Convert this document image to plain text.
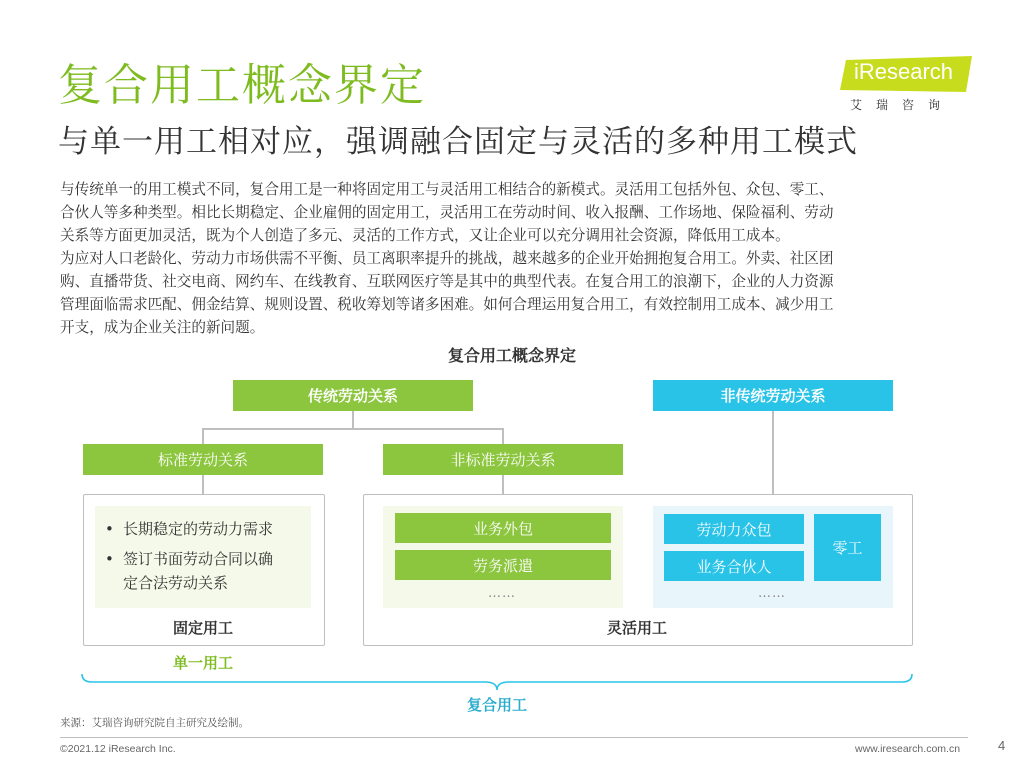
复合用工概念界定
与单一用工相对应，强调融合固定与灵活的多种用工模式
iResearch
艾瑞咨询

与传统单一的用工模式不同，复合用工是一种将固定用工与灵活用工相结合的新模式。灵活用工包括外包、众包、零工、

合伙人等多种类型。相比长期稳定、企业雇佣的固定用工，灵活用工在劳动时间、收入报酬、工作场地、保险福利、劳动

关系等方面更加灵活，既为个人创造了多元、灵活的工作方式，又让企业可以充分调用社会资源，降低用工成本。

为应对人口老龄化、劳动力市场供需不平衡、员工离职率提升的挑战，越来越多的企业开始拥抱复合用工。外卖、社区团

购、直播带货、社交电商、网约车、在线教育、互联网医疗等是其中的典型代表。在复合用工的浪潮下，企业的人力资源

管理面临需求匹配、佣金结算、规则设置、税收筹划等诸多困难。如何合理运用复合用工，有效控制用工成本、减少用工

开支，成为企业关注的新问题。

复合用工概念界定
传统劳动关系	非传统劳动关系
标准劳动关系	非标准劳动关系
• 长期稳定的劳动力需求
• 签订书面劳动合同以确
定合法劳动关系
固定用工
业务外包
劳务派遣
……
劳动力众包
业务合伙人
零工
……
灵活用工
单一用工
复合用工
来源：艾瑞咨询研究院自主研究及绘制。
©2021.12 iResearch Inc.	www.iresearch.com.cn	4
